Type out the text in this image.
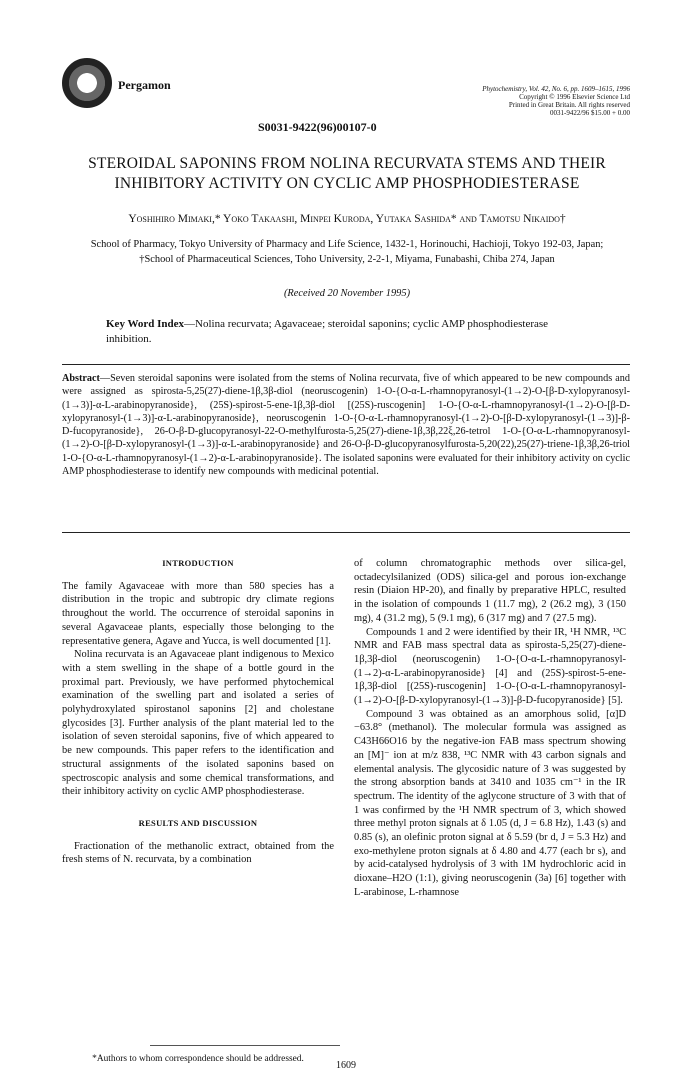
Pergamon
S0031-9422(96)00107-0
Phytochemistry, Vol. 42, No. 6, pp. 1609–1615, 1996
Copyright © 1996 Elsevier Science Ltd
Printed in Great Britain. All rights reserved
0031-9422/96 $15.00 + 0.00
STEROIDAL SAPONINS FROM NOLINA RECURVATA STEMS AND THEIR
INHIBITORY ACTIVITY ON CYCLIC AMP PHOSPHODIESTERASE
Yoshihiro Mimaki,* Yoko Takaashi, Minpei Kuroda, Yutaka Sashida* and Tamotsu Nikaido†
School of Pharmacy, Tokyo University of Pharmacy and Life Science, 1432-1, Horinouchi, Hachioji, Tokyo 192-03, Japan;
†School of Pharmaceutical Sciences, Toho University, 2-2-1, Miyama, Funabashi, Chiba 274, Japan
(Received 20 November 1995)
Key Word Index—Nolina recurvata; Agavaceae; steroidal saponins; cyclic AMP phosphodiesterase inhibition.
Abstract—Seven steroidal saponins were isolated from the stems of Nolina recurvata, five of which appeared to be new compounds and were assigned as spirosta-5,25(27)-diene-1β,3β-diol (neoruscogenin) 1-O-{O-α-L-rhamnopyranosyl-(1→2)-O-[β-D-xylopyranosyl-(1→3)]-α-L-arabinopyranoside}, (25S)-spirost-5-ene-1β,3β-diol [(25S)-ruscogenin] 1-O-{O-α-L-rhamnopyranosyl-(1→2)-O-[β-D-xylopyranosyl-(1→3)]-α-L-arabinopyranoside}, neoruscogenin 1-O-{O-α-L-rhamnopyranosyl-(1→2)-O-[β-D-xylopyranosyl-(1→3)]-β-D-fucopyranoside}, 26-O-β-D-glucopyranosyl-22-O-methylfurosta-5,25(27)-diene-1β,3β,22ξ,26-tetrol 1-O-{O-α-L-rhamnopyranosyl-(1→2)-O-[β-D-xylopyranosyl-(1→3)]-α-L-arabinopyranoside} and 26-O-β-D-glucopyranosylfurosta-5,20(22),25(27)-triene-1β,3β,26-triol 1-O-{O-α-L-rhamnopyranosyl-(1→2)-α-L-arabinopyranoside}. The isolated saponins were evaluated for their inhibitory activity on cyclic AMP phosphodiesterase to identify new compounds with medicinal potential.
INTRODUCTION

The family Agavaceae with more than 580 species has a distribution in the tropic and subtropic dry climate regions throughout the world. The occurrence of steroidal saponins in several Agavaceae plants, especially those belonging to the representative genera, Agave and Yucca, is well documented [1].

Nolina recurvata is an Agavaceae plant indigenous to Mexico with a stem swelling in the shape of a bottle gourd in the proximal part. Previously, we have performed phytochemical examination of the swelling part and isolated a series of polyhydroxylated spirostanol saponins [2] and cholestane glycosides [3]. Further analysis of the plant material led to the isolation of seven steroidal saponins, five of which appeared to be new compounds. This paper refers to the identification and structural assignments of the isolated saponins based on spectroscopic analysis and some chemical transformations, and their inhibitory activity on cyclic AMP phosphodiesterase.

RESULTS AND DISCUSSION

Fractionation of the methanolic extract, obtained from the fresh stems of N. recurvata, by a combination

of column chromatographic methods over silica-gel, octadecylsilanized (ODS) silica-gel and porous ion-exchange resin (Diaion HP-20), and finally by preparative HPLC, resulted in the isolation of compounds 1 (11.7 mg), 2 (26.2 mg), 3 (150 mg), 4 (31.2 mg), 5 (9.1 mg), 6 (317 mg) and 7 (27.5 mg).

Compounds 1 and 2 were identified by their IR, ¹H NMR, ¹³C NMR and FAB mass spectral data as spirosta-5,25(27)-diene-1β,3β-diol (neoruscogenin) 1-O-{O-α-L-rhamnopyranosyl-(1→2)-α-L-arabinopyranoside} [4] and (25S)-spirost-5-ene-1β,3β-diol [(25S)-ruscogenin] 1-O-{O-α-L-rhamnopyranosyl-(1→2)-O-[β-D-xylopyranosyl-(1→3)]-β-D-fucopyranoside} [5].

Compound 3 was obtained as an amorphous solid, [α]D −63.8° (methanol). The molecular formula was assigned as C43H66O16 by the negative-ion FAB mass spectrum showing an [M]⁻ ion at m/z 838, ¹³C NMR with 43 carbon signals and elemental analysis. The glycosidic nature of 3 was suggested by the strong absorption bands at 3410 and 1035 cm⁻¹ in the IR spectrum. The identity of the aglycone structure of 3 with that of 1 was confirmed by the ¹H NMR spectrum of 3, which showed three methyl proton signals at δ 1.05 (d, J = 6.8 Hz), 1.43 (s) and 0.85 (s), an olefinic proton signal at δ 5.59 (br d, J = 5.3 Hz) and exo-methylene proton signals at δ 4.80 and 4.77 (each br s), and by acid-catalysed hydrolysis of 3 with 1M hydrochloric acid in dioxane–H2O (1:1), giving neoruscogenin (3a) [6] together with L-arabinose, L-rhamnose

*Authors to whom correspondence should be addressed.
1609
